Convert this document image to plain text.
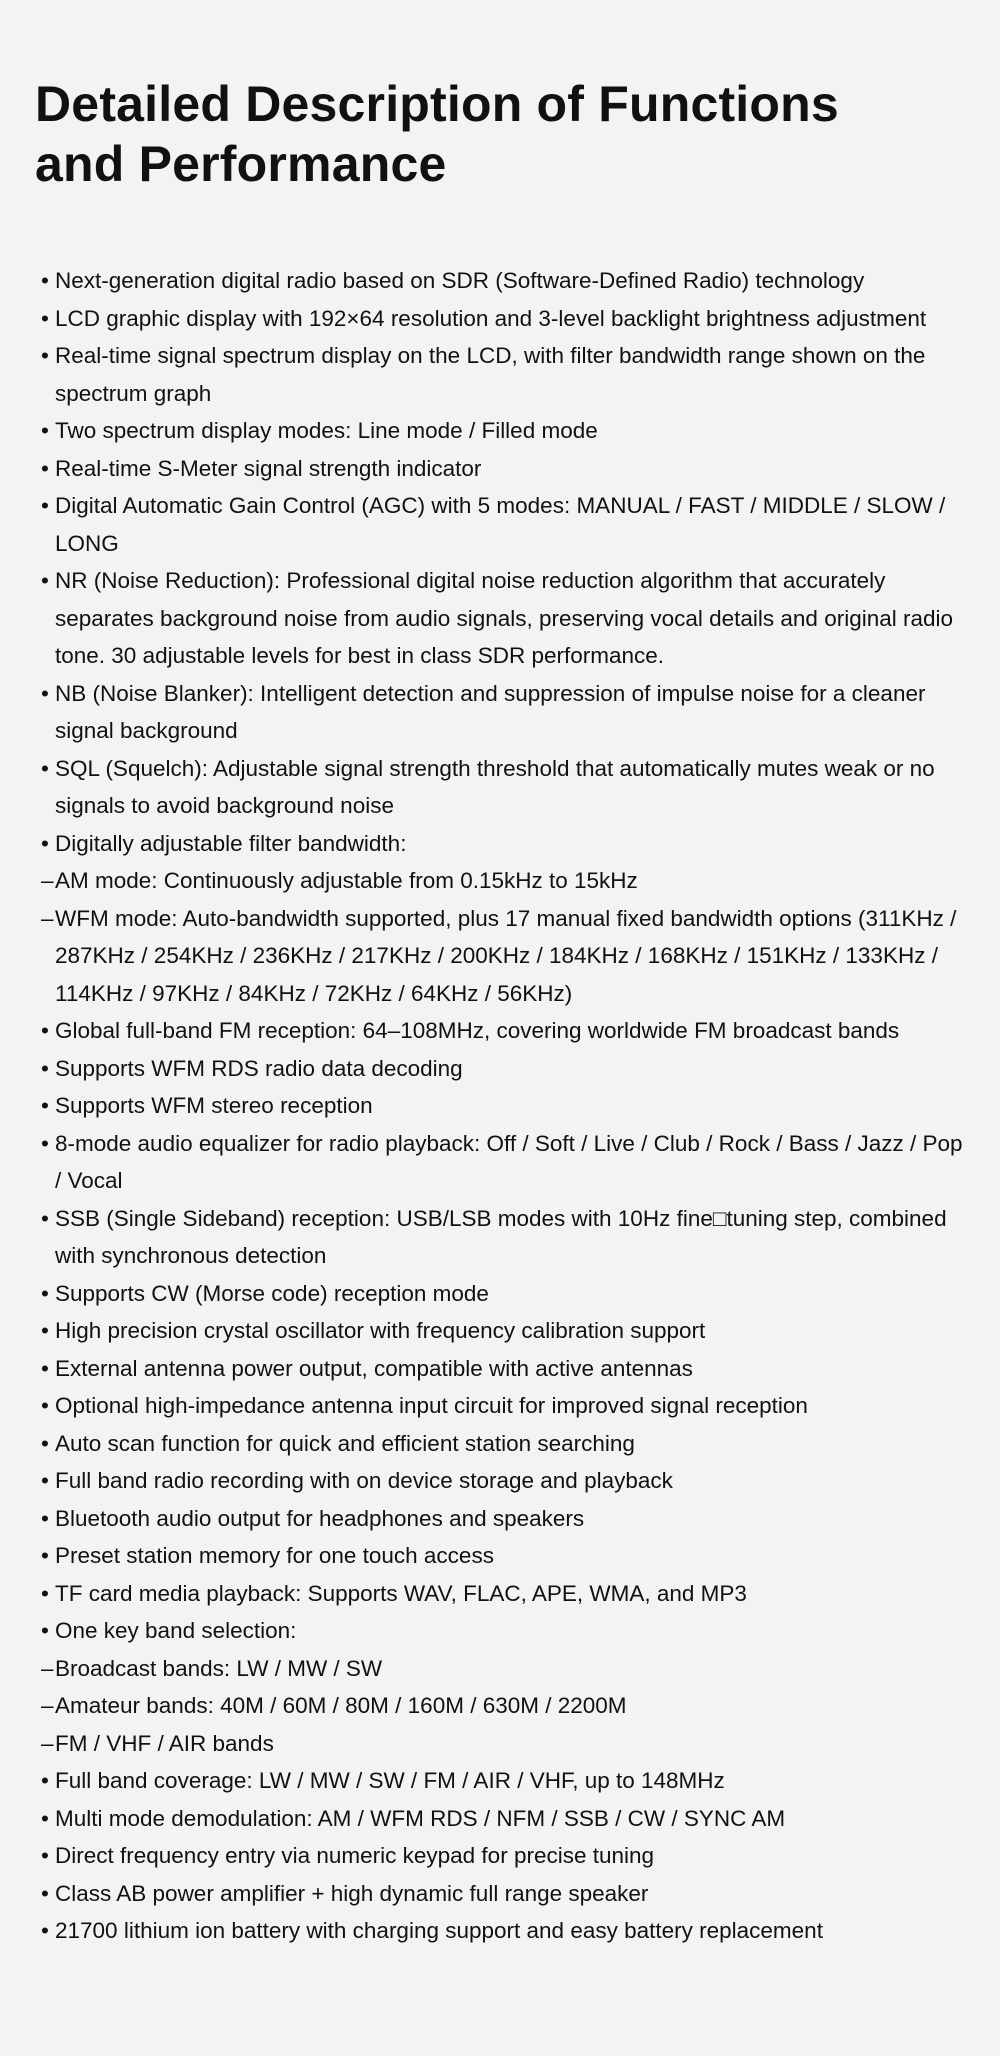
Detailed Description of Functions
and Performance
• Next-generation digital radio based on SDR (Software-Defined Radio) technology
• LCD graphic display with 192×64 resolution and 3-level backlight brightness adjustment
• Real-time signal spectrum display on the LCD, with filter bandwidth range shown on the spectrum graph
• Two spectrum display modes: Line mode / Filled mode
• Real-time S-Meter signal strength indicator
• Digital Automatic Gain Control (AGC) with 5 modes: MANUAL / FAST / MIDDLE / SLOW / LONG
• NR (Noise Reduction): Professional digital noise reduction algorithm that accurately separates background noise from audio signals, preserving vocal details and original radio tone. 30 adjustable levels for best in class SDR performance.
• NB (Noise Blanker): Intelligent detection and suppression of impulse noise for a cleaner signal background
• SQL (Squelch): Adjustable signal strength threshold that automatically mutes weak or no signals to avoid background noise
• Digitally adjustable filter bandwidth:
– AM mode: Continuously adjustable from 0.15kHz to 15kHz
– WFM mode: Auto-bandwidth supported, plus 17 manual fixed bandwidth options (311KHz / 287KHz / 254KHz / 236KHz / 217KHz / 200KHz / 184KHz / 168KHz / 151KHz / 133KHz / 114KHz / 97KHz / 84KHz / 72KHz / 64KHz / 56KHz)
• Global full-band FM reception: 64–108MHz, covering worldwide FM broadcast bands
• Supports WFM RDS radio data decoding
• Supports WFM stereo reception
• 8-mode audio equalizer for radio playback: Off / Soft / Live / Club / Rock / Bass / Jazz / Pop / Vocal
• SSB (Single Sideband) reception: USB/LSB modes with 10Hz fine□tuning step, combined with synchronous detection
• Supports CW (Morse code) reception mode
• High precision crystal oscillator with frequency calibration support
• External antenna power output, compatible with active antennas
• Optional high-impedance antenna input circuit for improved signal reception
• Auto scan function for quick and efficient station searching
• Full band radio recording with on device storage and playback
• Bluetooth audio output for headphones and speakers
• Preset station memory for one touch access
• TF card media playback: Supports WAV, FLAC, APE, WMA, and MP3
• One key band selection:
– Broadcast bands: LW / MW / SW
– Amateur bands: 40M / 60M / 80M / 160M / 630M / 2200M
– FM / VHF / AIR bands
• Full band coverage: LW / MW / SW / FM / AIR / VHF, up to 148MHz
• Multi mode demodulation: AM / WFM RDS / NFM / SSB / CW / SYNC AM
• Direct frequency entry via numeric keypad for precise tuning
• Class AB power amplifier + high dynamic full range speaker
• 21700 lithium ion battery with charging support and easy battery replacement
